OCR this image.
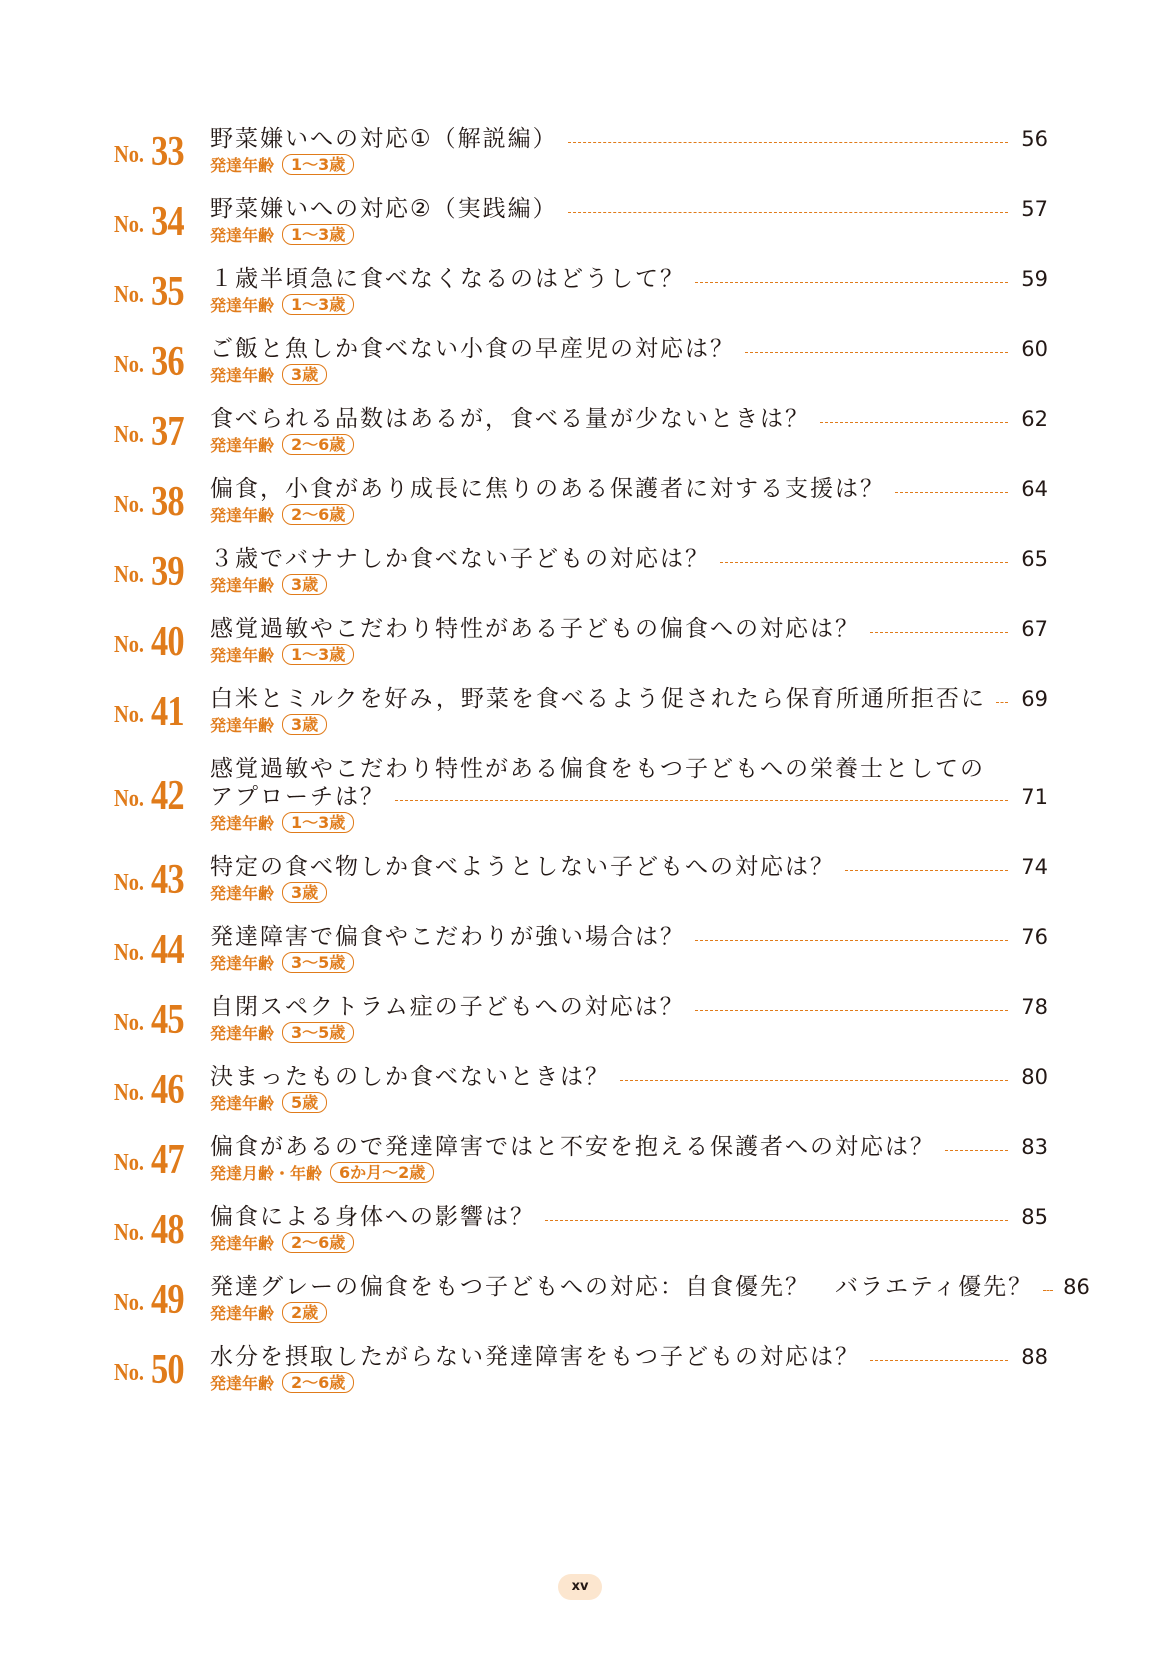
No. 33 野菜嫌いへの対応①（解説編）	56
発達年齢	1～3歳
No. 34 野菜嫌いへの対応②（実践編）	57
発達年齢	1～3歳
No. 35 １歳半頃急に食べなくなるのはどうして？	59
発達年齢	1～3歳
No. 36 ご飯と魚しか食べない小食の早産児の対応は？	60
発達年齢	3歳
No. 37 食べられる品数はあるが，食べる量が少ないときは？	62
発達年齢	2～6歳
No. 38 偏食，小食があり成長に焦りのある保護者に対する支援は？	64
発達年齢	2～6歳
No. 39 ３歳でバナナしか食べない子どもの対応は？	65
発達年齢	3歳
No. 40 感覚過敏やこだわり特性がある子どもの偏食への対応は？	67
発達年齢	1～3歳
No. 41 白米とミルクを好み，野菜を食べるよう促されたら保育所通所拒否に 69
発達年齢	3歳
No. 42
感覚過敏やこだわり特性がある偏食をもつ子どもへの栄養士としての
アプローチは？	71
発達年齢	1～3歳
No. 43 特定の食べ物しか食べようとしない子どもへの対応は？	74
発達年齢	3歳
No. 44 発達障害で偏食やこだわりが強い場合は？	76
発達年齢	3～5歳
No. 45 自閉スペクトラム症の子どもへの対応は？	78
発達年齢	3～5歳
No. 46 決まったものしか食べないときは？	80
発達年齢	5歳
No. 47 偏食があるので発達障害ではと不安を抱える保護者への対応は？	83
発達月齢・年齢	6か月～2歳
No. 48 偏食による身体への影響は？	85
発達年齢	2～6歳
No. 49 発達グレーの偏食をもつ子どもへの対応：自食優先？　バラエティ優先？ 86
発達年齢	2歳
No. 50 水分を摂取したがらない発達障害をもつ子どもの対応は？	88
発達年齢	2～6歳
xv
